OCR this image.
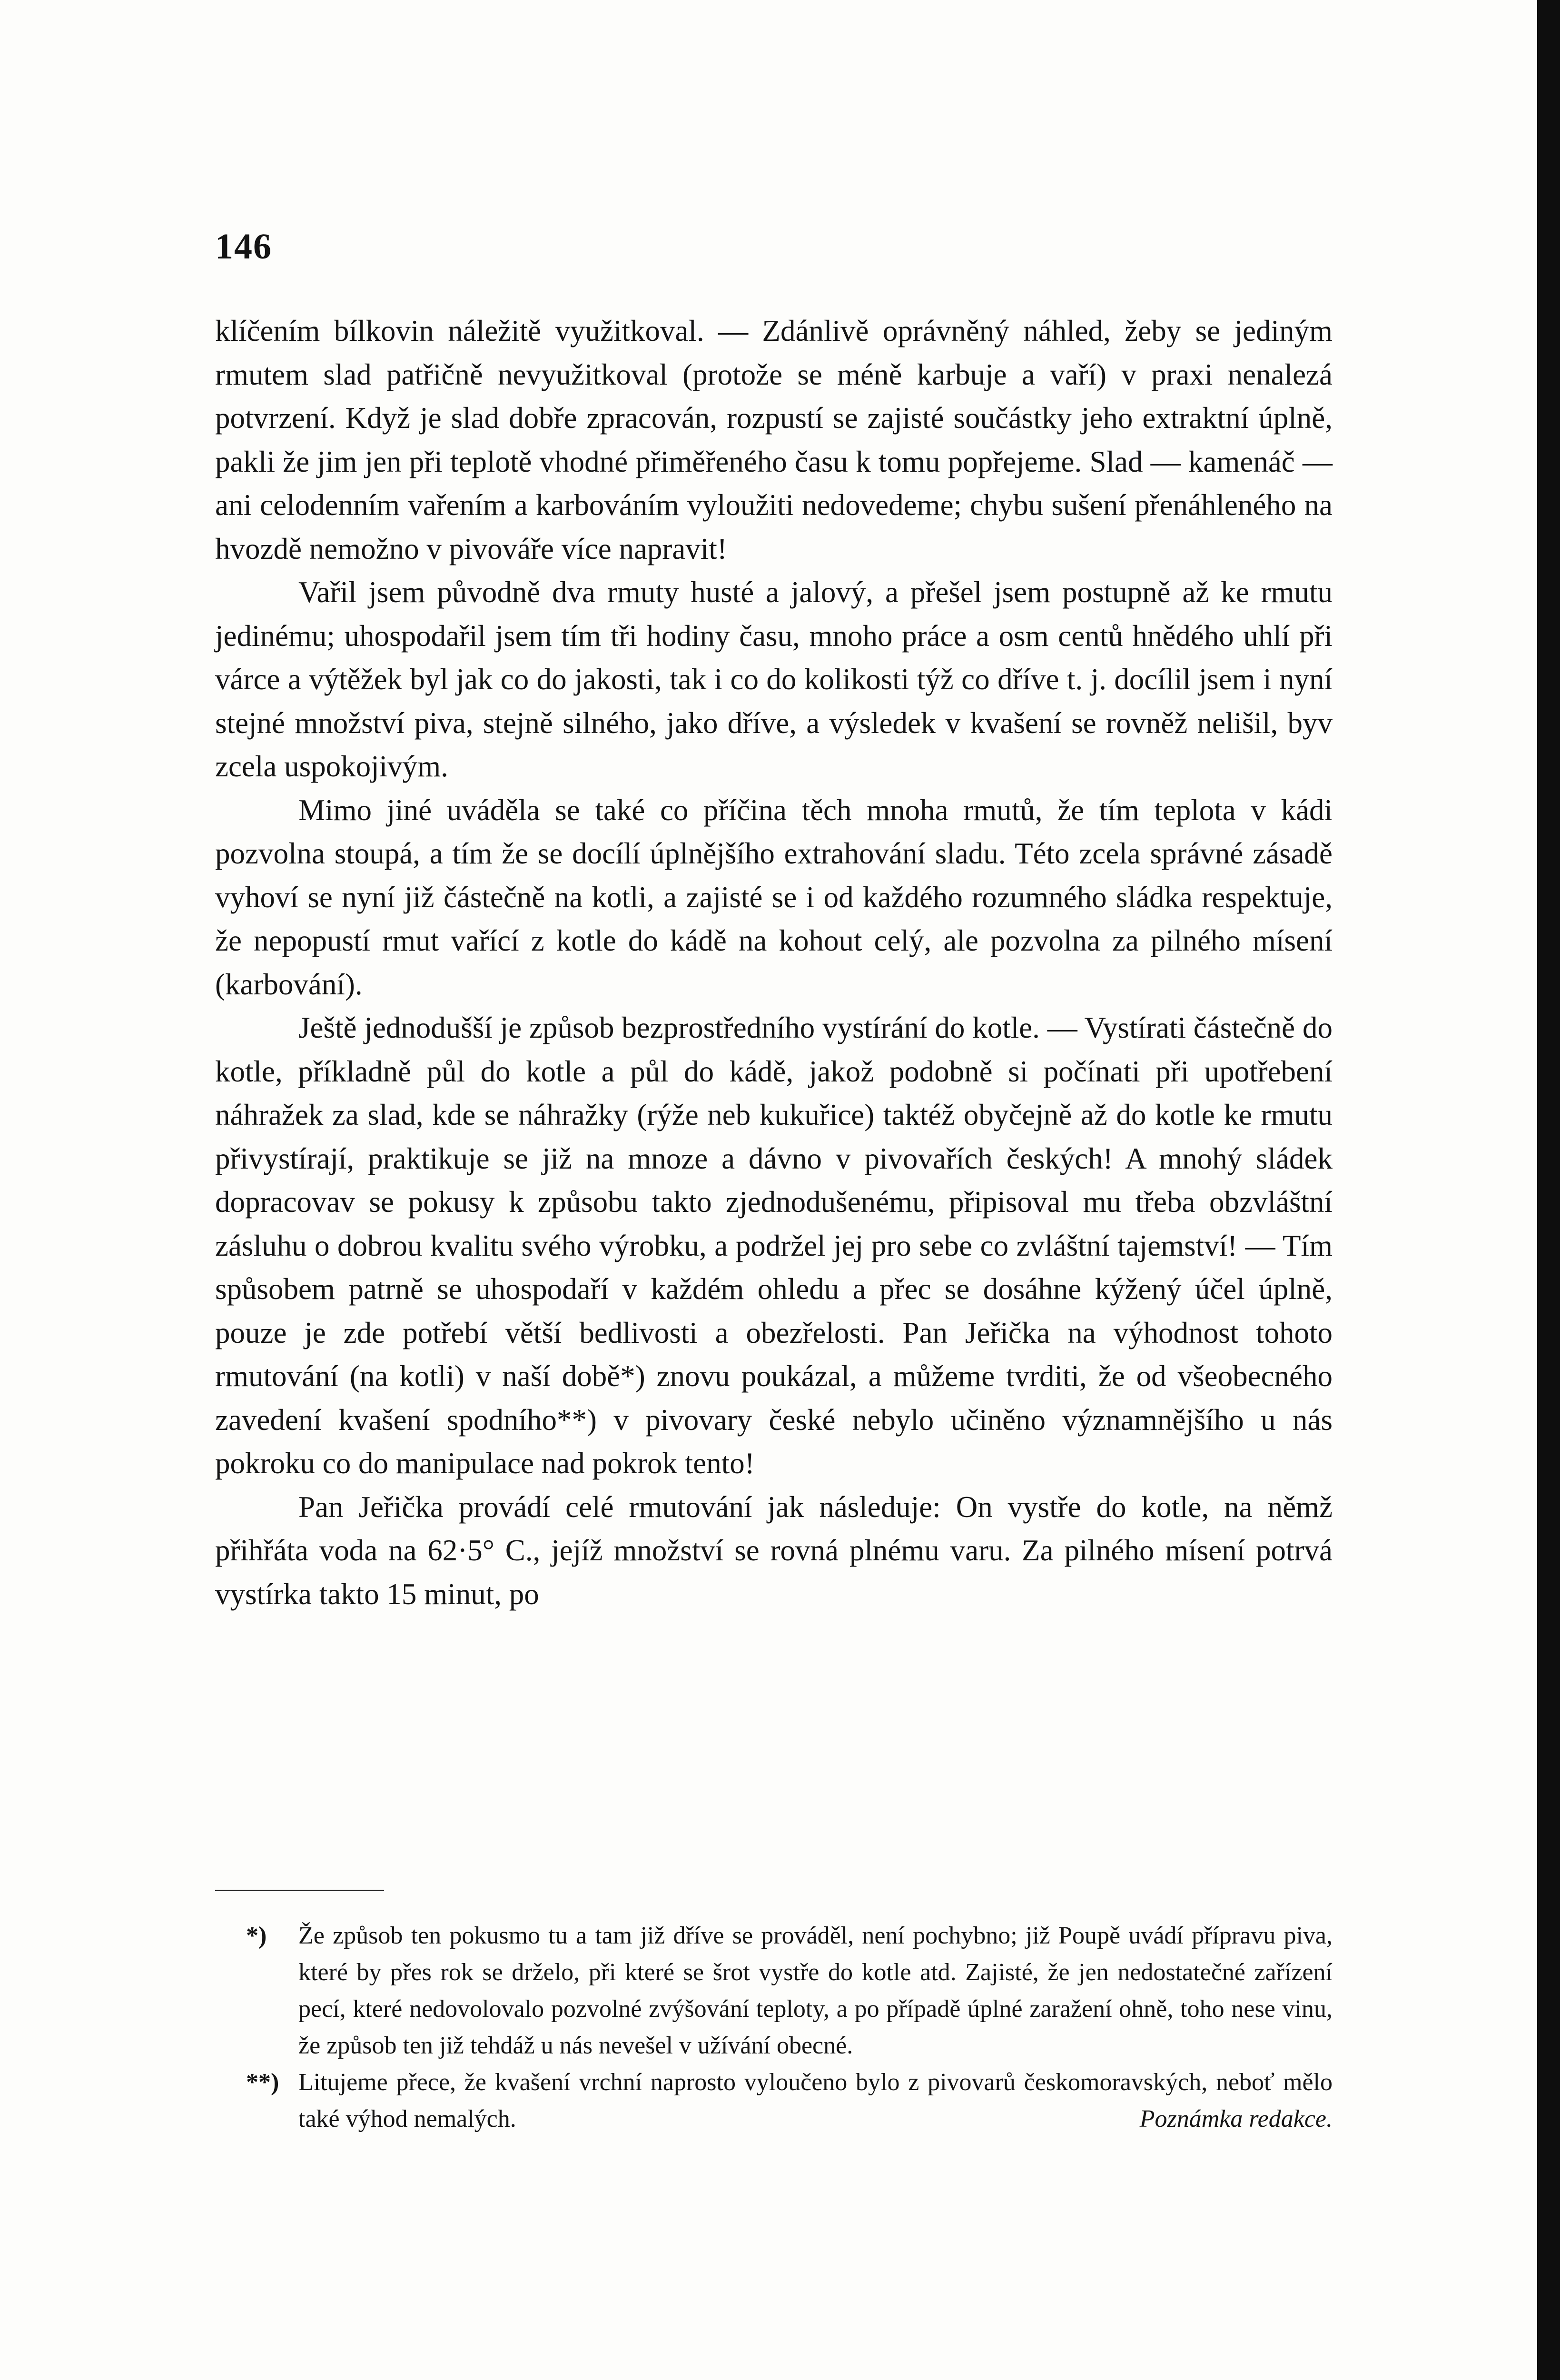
146

klíčením bílkovin náležitě využitkoval. — Zdánlivě oprávněný náhled, žeby se jediným rmutem slad patřičně nevyužitkoval (protože se méně karbuje a vaří) v praxi nenalezá potvrzení. Když je slad dobře zpracován, rozpustí se zajisté součástky jeho extraktní úplně, pakli že jim jen při teplotě vhodné přiměřeného času k tomu popřejeme. Slad — kamenáč — ani celodenním vařením a karbováním vyloužiti nedovedeme; chybu sušení přenáhleného na hvozdě nemožno v pivováře více napravit!

Vařil jsem původně dva rmuty husté a jalový, a přešel jsem postupně až ke rmutu jedinému; uhospodařil jsem tím tři hodiny času, mnoho práce a osm centů hnědého uhlí při várce a výtěžek byl jak co do jakosti, tak i co do kolikosti týž co dříve t. j. docílil jsem i nyní stejné množství piva, stejně silného, jako dříve, a výsledek v kvašení se rovněž nelišil, byv zcela uspokojivým.

Mimo jiné uváděla se také co příčina těch mnoha rmutů, že tím teplota v kádi pozvolna stoupá, a tím že se docílí úplnějšího extrahování sladu. Této zcela správné zásadě vyhoví se nyní již částečně na kotli, a zajisté se i od každého rozumného sládka respektuje, že nepopustí rmut vařící z kotle do kádě na kohout celý, ale pozvolna za pilného mísení (karbování).

Ještě jednodušší je způsob bezprostředního vystírání do kotle. — Vystírati částečně do kotle, příkladně půl do kotle a půl do kádě, jakož podobně si počínati při upotřebení náhražek za slad, kde se náhražky (rýže neb kukuřice) taktéž obyčejně až do kotle ke rmutu přivystírají, praktikuje se již na mnoze a dávno v pivovařích českých! A mnohý sládek dopracovav se pokusy k způsobu takto zjednodušenému, připisoval mu třeba obzvláštní zásluhu o dobrou kvalitu svého výrobku, a podržel jej pro sebe co zvláštní tajemství! — Tím spůsobem patrně se uhospodaří v každém ohledu a přec se dosáhne kýžený účel úplně, pouze je zde potřebí větší bedlivosti a obezřelosti. Pan Jeřička na výhodnost tohoto rmutování (na kotli) v naší době*) znovu poukázal, a můžeme tvrditi, že od všeobecného zavedení kvašení spodního**) v pivovary české nebylo učiněno významnějšího u nás pokroku co do manipulace nad pokrok tento!

Pan Jeřička provádí celé rmutování jak následuje: On vystře do kotle, na němž přihřáta voda na 62·5° C., jejíž množství se rovná plnému varu. Za pilného mísení potrvá vystírka takto 15 minut, po

*) Že způsob ten pokusmo tu a tam již dříve se prováděl, není pochybno; již Poupě uvádí přípravu piva, které by přes rok se drželo, při které se šrot vystře do kotle atd. Zajisté, že jen nedostatečné zařízení pecí, které nedovolovalo pozvolné zvýšování teploty, a po případě úplné zaražení ohně, toho nese vinu, že způsob ten již tehdáž u nás nevešel v užívání obecné.

**) Litujeme přece, že kvašení vrchní naprosto vyloučeno bylo z pivovarů českomoravských, neboť mělo také výhod nemalých.	Poznámka redakce.
